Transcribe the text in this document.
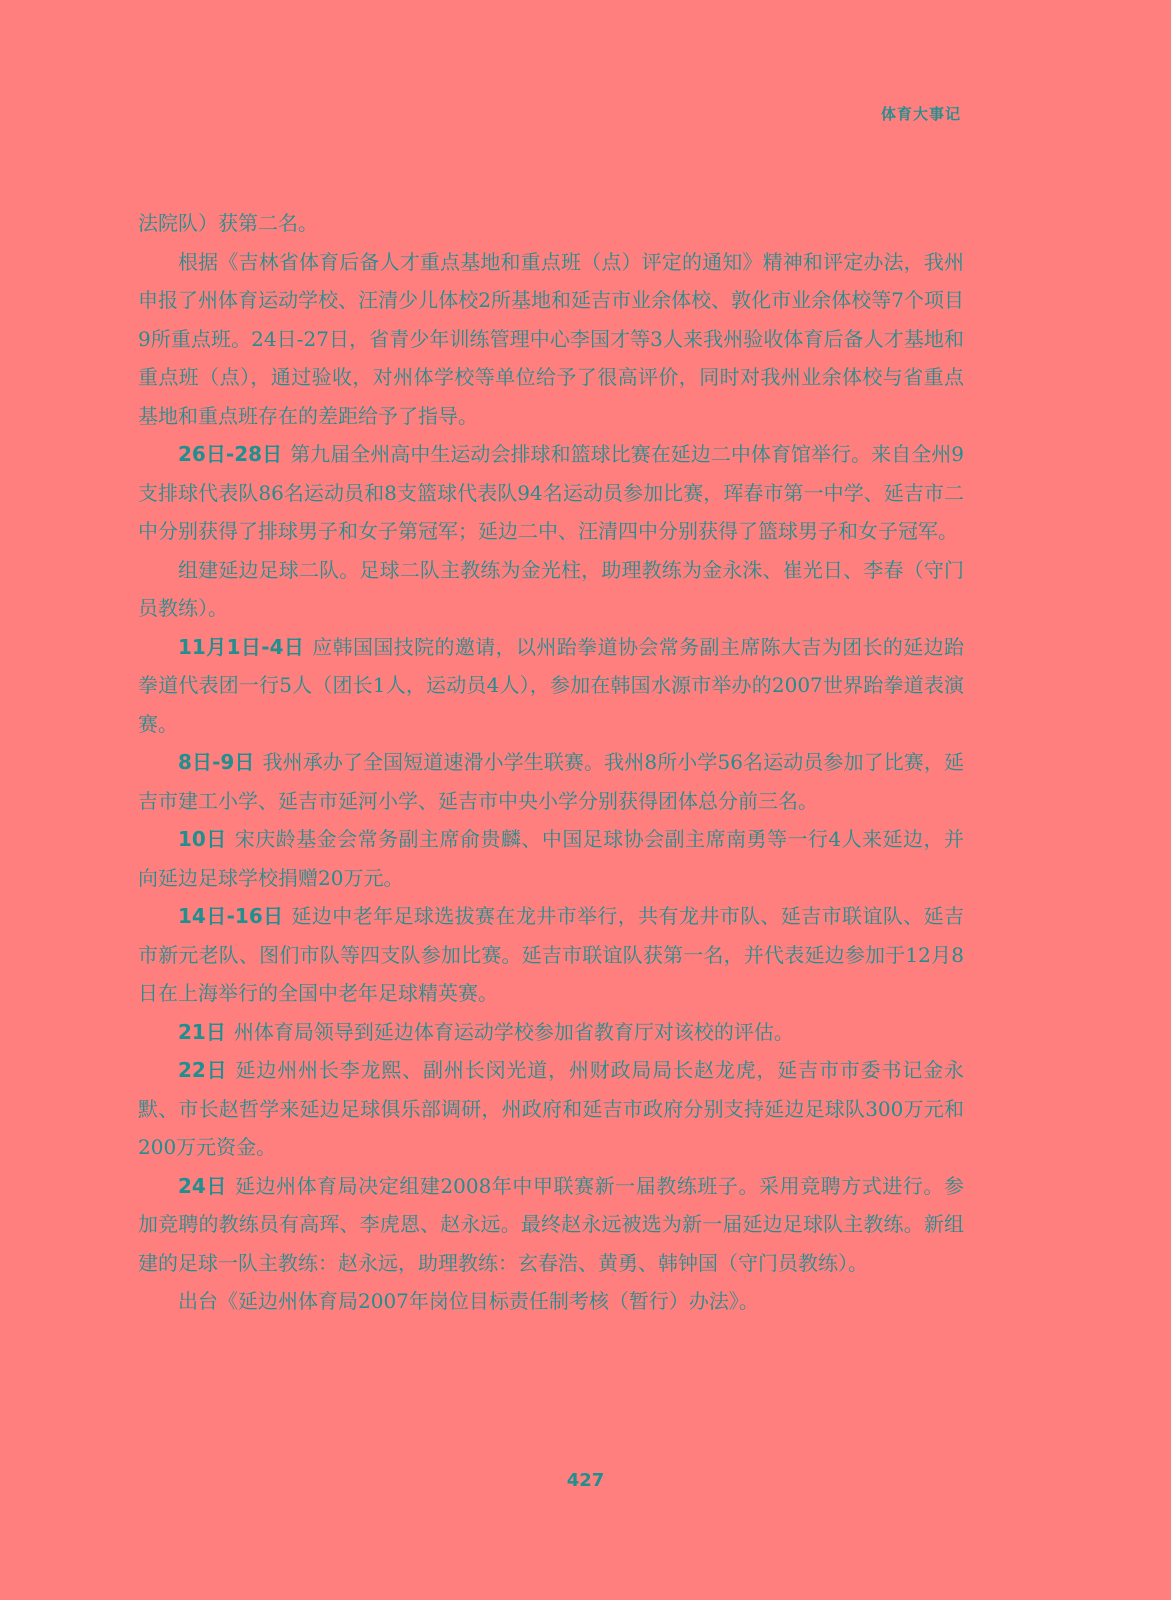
体育大事记

法院队）获第二名。

根据《吉林省体育后备人才重点基地和重点班（点）评定的通知》精神和评定办法，我州申报了州体育运动学校、汪清少儿体校2所基地和延吉市业余体校、敦化市业余体校等7个项目9所重点班。24日-27日，省青少年训练管理中心李国才等3人来我州验收体育后备人才基地和重点班（点），通过验收，对州体学校等单位给予了很高评价，同时对我州业余体校与省重点基地和重点班存在的差距给予了指导。

26日-28日 第九届全州高中生运动会排球和篮球比赛在延边二中体育馆举行。来自全州9支排球代表队86名运动员和8支篮球代表队94名运动员参加比赛，珲春市第一中学、延吉市二中分别获得了排球男子和女子第冠军；延边二中、汪清四中分别获得了篮球男子和女子冠军。

组建延边足球二队。足球二队主教练为金光柱，助理教练为金永洙、崔光日、李春（守门员教练）。

11月1日-4日 应韩国国技院的邀请，以州跆拳道协会常务副主席陈大吉为团长的延边跆拳道代表团一行5人（团长1人，运动员4人），参加在韩国水源市举办的2007世界跆拳道表演赛。

8日-9日 我州承办了全国短道速滑小学生联赛。我州8所小学56名运动员参加了比赛，延吉市建工小学、延吉市延河小学、延吉市中央小学分别获得团体总分前三名。

10日 宋庆龄基金会常务副主席俞贵麟、中国足球协会副主席南勇等一行4人来延边，并向延边足球学校捐赠20万元。

14日-16日 延边中老年足球选拔赛在龙井市举行，共有龙井市队、延吉市联谊队、延吉市新元老队、图们市队等四支队参加比赛。延吉市联谊队获第一名，并代表延边参加于12月8日在上海举行的全国中老年足球精英赛。

21日 州体育局领导到延边体育运动学校参加省教育厅对该校的评估。

22日 延边州州长李龙熙、副州长闵光道，州财政局局长赵龙虎，延吉市市委书记金永默、市长赵哲学来延边足球俱乐部调研，州政府和延吉市政府分别支持延边足球队300万元和200万元资金。

24日 延边州体育局决定组建2008年中甲联赛新一届教练班子。采用竞聘方式进行。参加竞聘的教练员有高珲、李虎恩、赵永远。最终赵永远被选为新一届延边足球队主教练。新组建的足球一队主教练：赵永远，助理教练：玄春浩、黄勇、韩钟国（守门员教练）。

出台《延边州体育局2007年岗位目标责任制考核（暂行）办法》。

427
